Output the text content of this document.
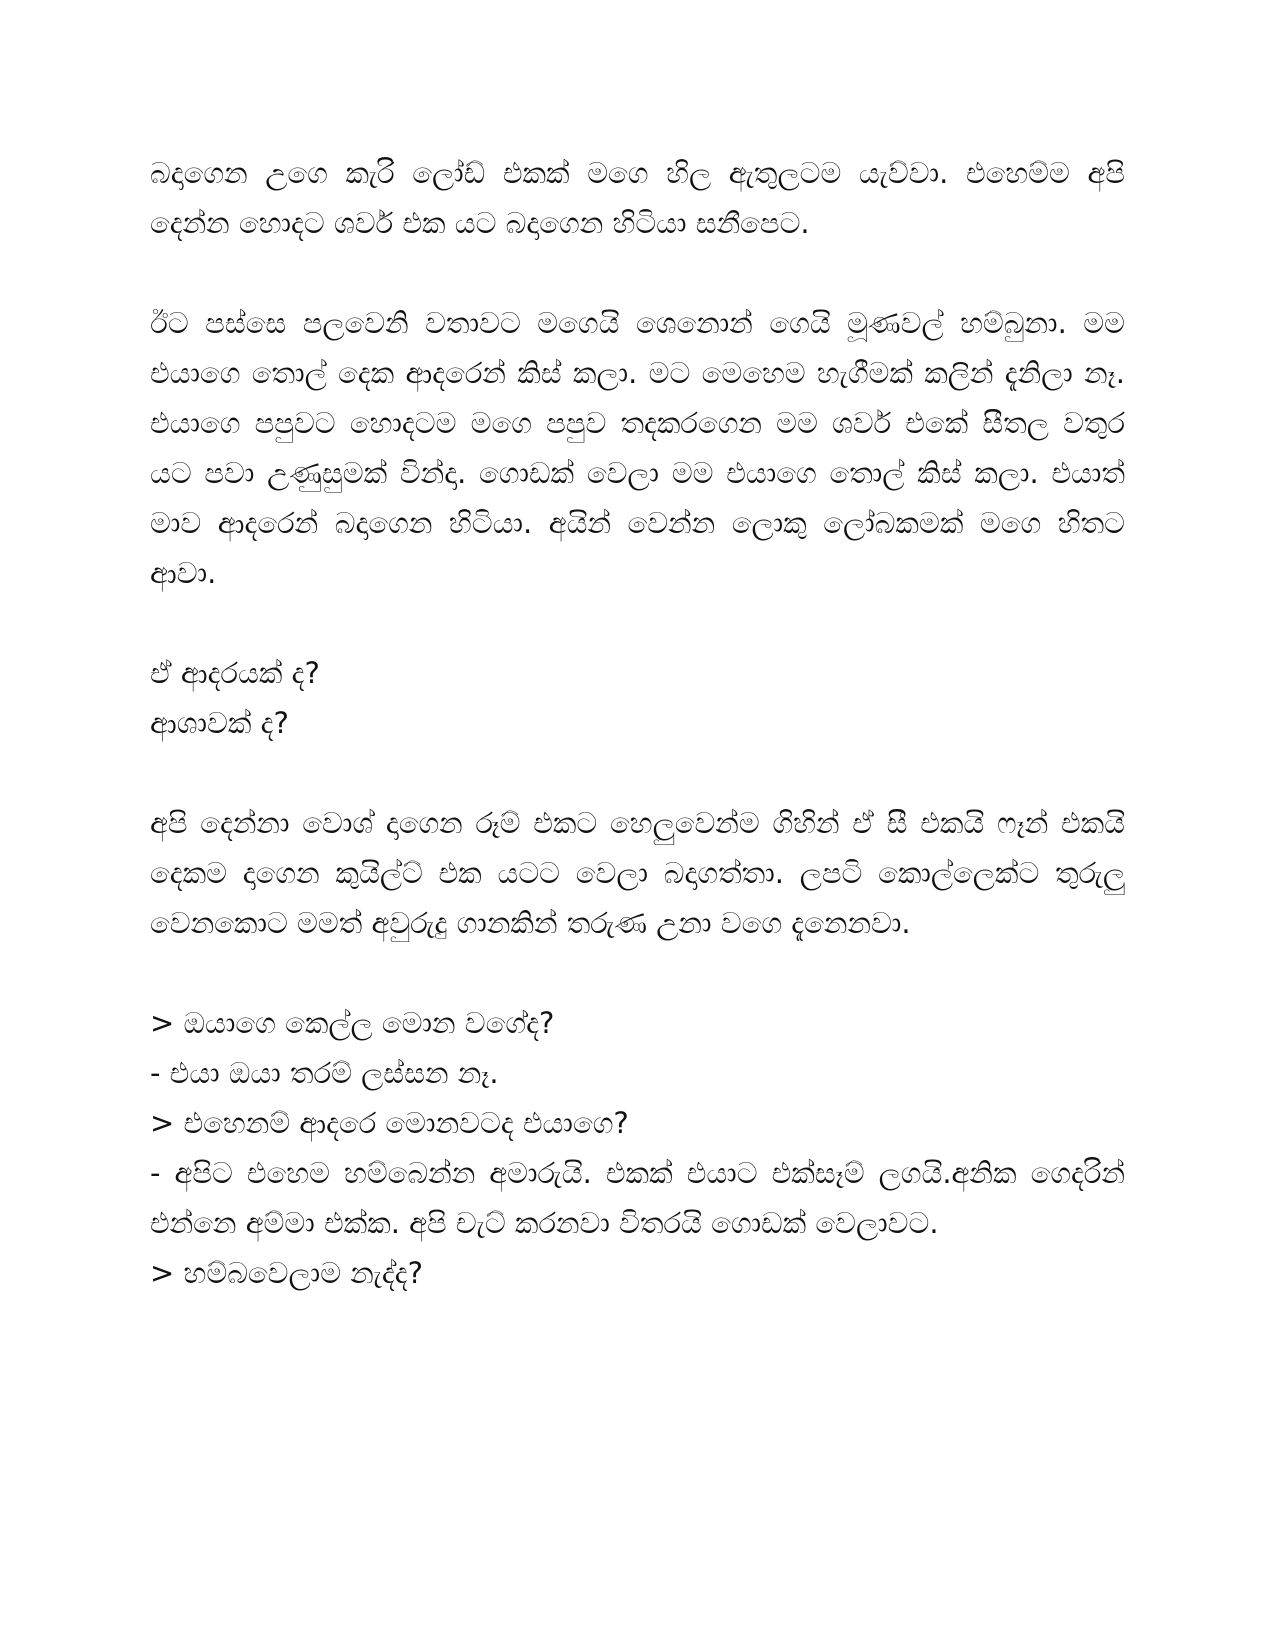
බදාගෙන උගෙ කැරි ලෝඩ් එකක් මගෙ හිල ඇතුලටම යැව්වා. එහෙම්ම අපි දෙන්න හොදට ශවර් එක යට බදාගෙන හිටියා සනීපෙට.

ඊට පස්සෙ පලවෙනි වතාවට මගෙයි ශෙනොන් ගෙයි මූණවල් හම්බුනා. මම එයාගෙ තොල් දෙක ආදරෙන් කිස් කලා. මට මෙහෙම හැගීමක් කලින් දැනිලා නෑ. එයාගෙ පපුවට හොදටම මගෙ පපුව තදකරගෙන මම ශවර් එකේ සීතල වතුර යට පවා උණුසුමක් වින්දා. ගොඩක් වෙලා මම එයාගෙ තොල් කිස් කලා. එයාත් මාව ආදරෙන් බදාගෙන හිටියා. අයින් වෙන්න ලොකු ලෝබකමක් මගෙ හිතට ආවා.

ඒ ආදරයක් ද?
ආශාවක් ද?

අපි දෙන්නා වොශ් දාගෙන රූම් එකට හෙලුවෙන්ම ගිහින් ඒ සී එකයි ෆෑන් එකයි දෙකම දාගෙන කුයිල්ට් එක යටට වෙලා බදාගත්තා. ලපටි කොල්ලෙක්ට තුරුලු වෙනකොට මමත් අවුරුදු ගානකින් තරුණ උනා වගෙ දැනෙනවා.

> ඔයාගෙ කෙල්ල මොන වගේද?
- එයා ඔයා තරම් ලස්සන නෑ.
> එහෙනම් ආදරෙ මොනවටද එයාගෙ?

- අපිට එහෙම හම්බෙන්න අමාරුයි. එකක් එයාට එක්සෑම් ලගයි.අනික ගෙදරින් එන්නෙ අම්මා එක්ක. අපි චැට් කරනවා විතරයි ගොඩක් වෙලාවට.

> හම්බවෙලාම නැද්ද?
